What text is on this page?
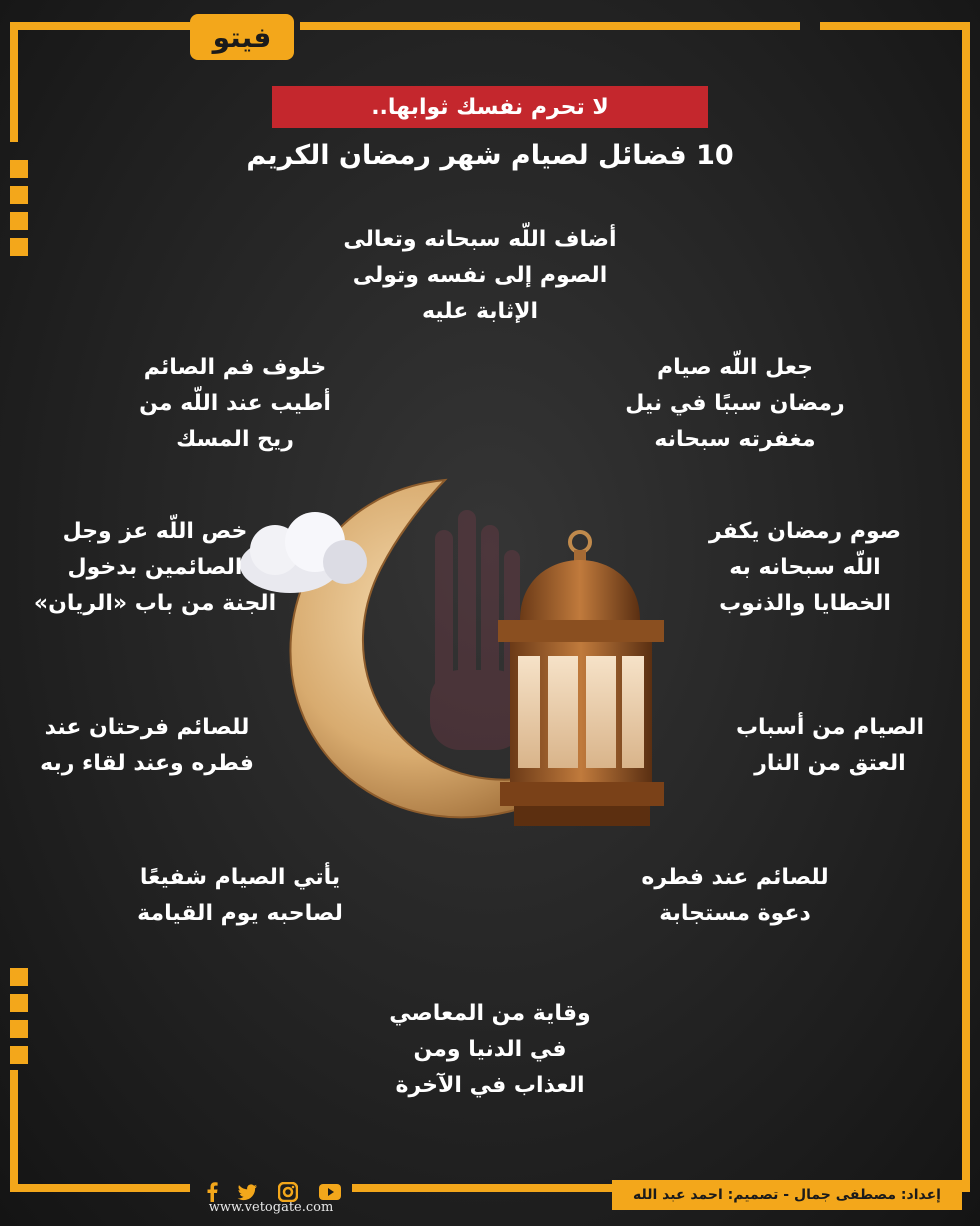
فيتو
لا تحرم نفسك ثوابها..
10 فضائل لصيام شهر رمضان الكريم
أضاف اللّه سبحانه وتعالى
الصوم إلى نفسه وتولى
الإثابة عليه
جعل اللّه صيام
رمضان سببًا في نيل
مغفرته سبحانه
خلوف فم الصائم
أطيب عند اللّه من
ريح المسك
صوم رمضان يكفر
اللّه سبحانه به
الخطايا والذنوب
خص اللّه عز وجل
الصائمين بدخول
الجنة من باب «الريان»
الصيام من أسباب
العتق من النار
للصائم فرحتان عند
فطره وعند لقاء ربه
للصائم عند فطره
دعوة مستجابة
يأتي الصيام شفيعًا
لصاحبه يوم القيامة
وقاية من المعاصي
في الدنيا ومن
العذاب في الآخرة
إعداد: مصطفى جمال - تصميم: احمد عبد الله
www.vetogate.com
